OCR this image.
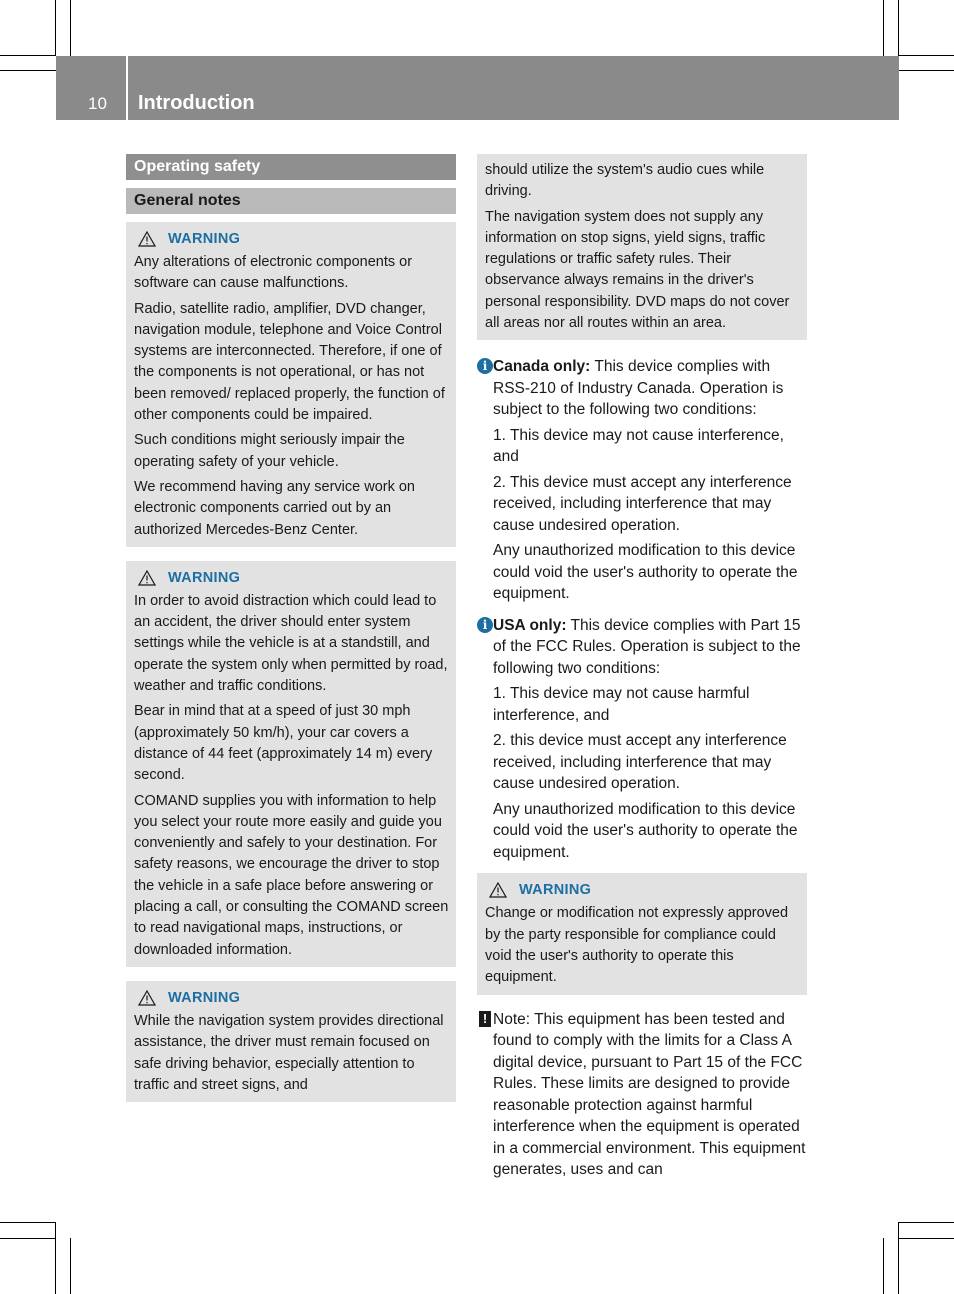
10 Introduction
Operating safety
General notes
WARNING

Any alterations of electronic components or software can cause malfunctions.

Radio, satellite radio, amplifier, DVD changer, navigation module, telephone and Voice Control systems are interconnected. Therefore, if one of the components is not operational, or has not been removed/ replaced properly, the function of other components could be impaired.

Such conditions might seriously impair the operating safety of your vehicle.

We recommend having any service work on electronic components carried out by an authorized Mercedes-Benz Center.

WARNING

In order to avoid distraction which could lead to an accident, the driver should enter system settings while the vehicle is at a standstill, and operate the system only when permitted by road, weather and traffic conditions.

Bear in mind that at a speed of just 30 mph (approximately 50 km/h), your car covers a distance of 44 feet (approximately 14 m) every second.

COMAND supplies you with information to help you select your route more easily and guide you conveniently and safely to your destination. For safety reasons, we encourage the driver to stop the vehicle in a safe place before answering or placing a call, or consulting the COMAND screen to read navigational maps, instructions, or downloaded information.

WARNING

While the navigation system provides directional assistance, the driver must remain focused on safe driving behavior, especially attention to traffic and street signs, and

should utilize the system's audio cues while driving.

The navigation system does not supply any information on stop signs, yield signs, traffic regulations or traffic safety rules. Their observance always remains in the driver's personal responsibility. DVD maps do not cover all areas nor all routes within an area.

i Canada only: This device complies with RSS-210 of Industry Canada. Operation is subject to the following two conditions:

1. This device may not cause interference, and

2. This device must accept any interference received, including interference that may cause undesired operation.

Any unauthorized modification to this device could void the user's authority to operate the equipment.

i USA only: This device complies with Part 15 of the FCC Rules. Operation is subject to the following two conditions:

1. This device may not cause harmful interference, and

2. this device must accept any interference received, including interference that may cause undesired operation.

Any unauthorized modification to this device could void the user's authority to operate the equipment.

WARNING

Change or modification not expressly approved by the party responsible for compliance could void the user's authority to operate this equipment.

! Note: This equipment has been tested and found to comply with the limits for a Class A digital device, pursuant to Part 15 of the FCC Rules. These limits are designed to provide reasonable protection against harmful interference when the equipment is operated in a commercial environment. This equipment generates, uses and can
